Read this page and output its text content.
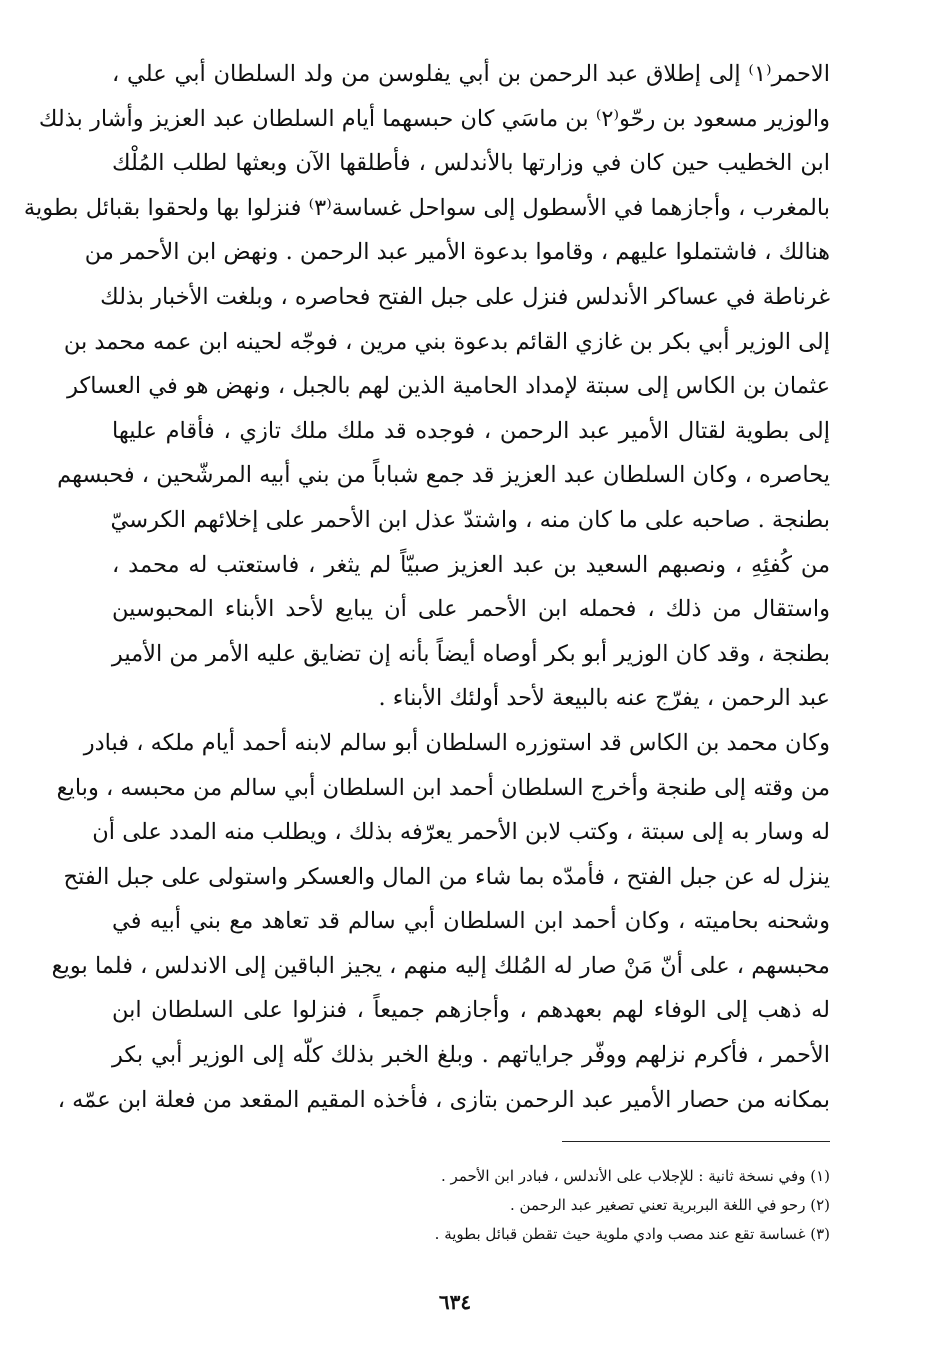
الاحمر⁽١⁾ إلى إطلاق عبد الرحمن بن أبي يفلوسن من ولد السلطان أبي علي ،
والوزير مسعود بن رحّو⁽٢⁾ بن ماسَي كان حبسهما أيام السلطان عبد العزيز وأشار بذلك
ابن الخطيب حين كان في وزارتها بالأندلس ، فأطلقها الآن وبعثها لطلب المُلْك
بالمغرب ، وأجازهما في الأسطول إلى سواحل غساسة⁽٣⁾ فنزلوا بها ولحقوا بقبائل بطوية
هنالك ، فاشتملوا عليهم ، وقاموا بدعوة الأمير عبد الرحمن . ونهض ابن الأحمر من
غرناطة في عساكر الأندلس فنزل على جبل الفتح فحاصره ، وبلغت الأخبار بذلك
إلى الوزير أبي بكر بن غازي القائم بدعوة بني مرين ، فوجّه لحينه ابن عمه محمد بن
عثمان بن الكاس إلى سبتة لإمداد الحامية الذين لهم بالجبل ، ونهض هو في العساكر
إلى بطوية لقتال الأمير عبد الرحمن ، فوجده قد ملك ملك تازي ، فأقام عليها
يحاصره ، وكان السلطان عبد العزيز قد جمع شباباً من بني أبيه المرشّحين ، فحبسهم
بطنجة . صاحبه على ما كان منه ، واشتدّ عذل ابن الأحمر على إخلائهم الكرسيّ
من كُفئِهِ ، ونصبهم السعيد بن عبد العزيز صبيّاً لم يثغر ، فاستعتب له محمد ،
واستقال من ذلك ، فحمله ابن الأحمر على أن يبايع لأحد الأبناء المحبوسين
بطنجة ، وقد كان الوزير أبو بكر أوصاه أيضاً بأنه إن تضايق عليه الأمر من الأمير
عبد الرحمن ، يفرّج عنه بالبيعة لأحد أولئك الأبناء .
وكان محمد بن الكاس قد استوزره السلطان أبو سالم لابنه أحمد أيام ملكه ، فبادر
من وقته إلى طنجة وأخرج السلطان أحمد ابن السلطان أبي سالم من محبسه ، وبايع
له وسار به إلى سبتة ، وكتب لابن الأحمر يعرّفه بذلك ، ويطلب منه المدد على أن
ينزل له عن جبل الفتح ، فأمدّه بما شاء من المال والعسكر واستولى على جبل الفتح
وشحنه بحاميته ، وكان أحمد ابن السلطان أبي سالم قد تعاهد مع بني أبيه في
محبسهم ، على أنّ مَنْ صار له المُلك إليه منهم ، يجيز الباقين إلى الاندلس ، فلما بويع
له ذهب إلى الوفاء لهم بعهدهم ، وأجازهم جميعاً ، فنزلوا على السلطان ابن
الأحمر ، فأكرم نزلهم ووفّر جراياتهم . وبلغ الخبر بذلك كلّه إلى الوزير أبي بكر
بمكانه من حصار الأمير عبد الرحمن بتازى ، فأخذه المقيم المقعد من فعلة ابن عمّه ،
(١) وفي نسخة ثانية : للإجلاب على الأندلس ، فبادر ابن الأحمر .
(٢) رحو في اللغة البربرية تعني تصغير عبد الرحمن .
(٣) غساسة تقع عند مصب وادي ملوية حيث تقطن قبائل بطوية .
٦٣٤
